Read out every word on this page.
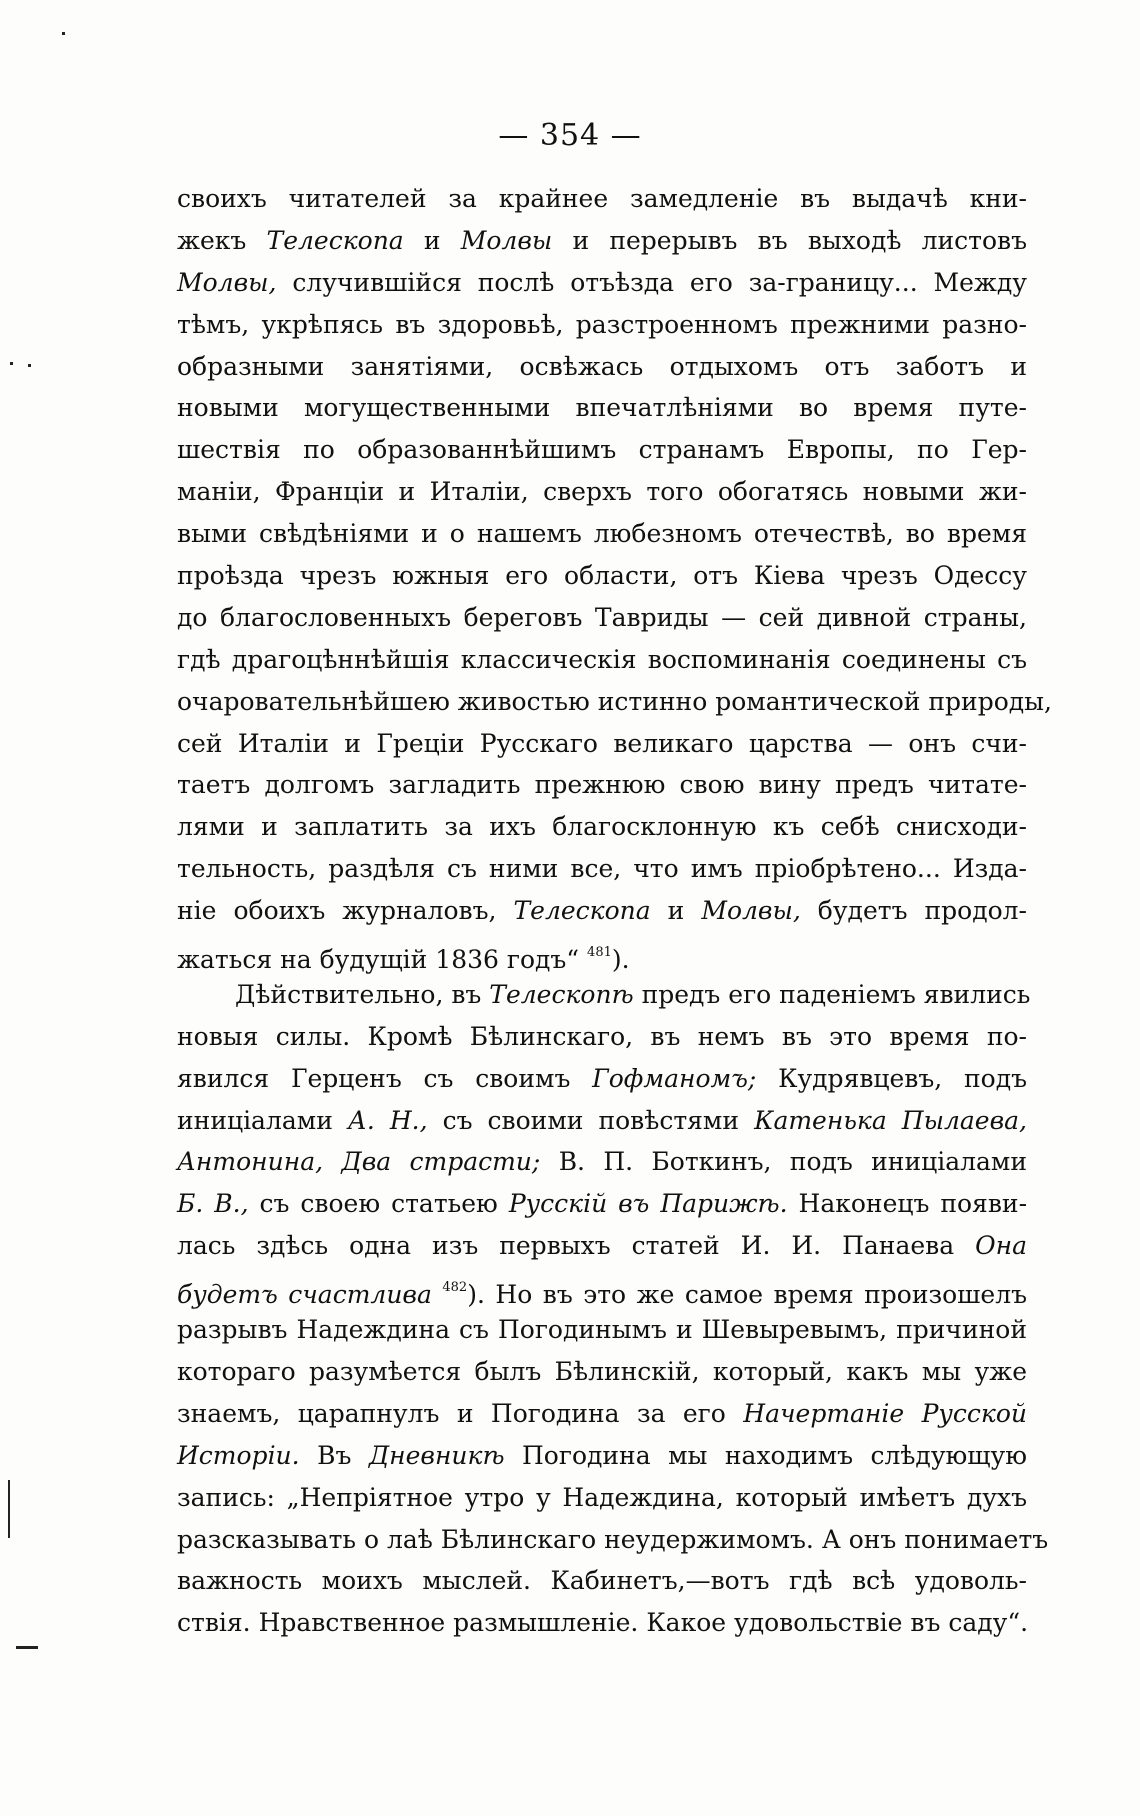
— 354 —
своихъ читателей за крайнее замедленіе въ выдачѣ кни-
жекъ Телескопа и Молвы и перерывъ въ выходѣ листовъ
Молвы, случившійся послѣ отъѣзда его за-границу... Между
тѣмъ, укрѣпясь въ здоровьѣ, разстроенномъ прежними разно-
образными занятіями, освѣжась отдыхомъ отъ заботъ и
новыми могущественными впечатлѣніями во время путе-
шествія по образованнѣйшимъ странамъ Европы, по Гер-
маніи, Франціи и Италіи, сверхъ того обогатясь новыми жи-
выми свѣдѣніями и о нашемъ любезномъ отечествѣ, во время
проѣзда чрезъ южныя его области, отъ Кіева чрезъ Одессу
до благословенныхъ береговъ Тавриды — сей дивной страны,
гдѣ драгоцѣннѣйшія классическія воспоминанія соединены съ
очаровательнѣйшею живостью истинно романтической природы,
сей Италіи и Греціи Русскаго великаго царства — онъ счи-
таетъ долгомъ загладить прежнюю свою вину предъ читате-
лями и заплатить за ихъ благосклонную къ себѣ снисходи-
тельность, раздѣля съ ними все, что имъ пріобрѣтено... Изда-
ніе обоихъ журналовъ, Телескопа и Молвы, будетъ продол-
жаться на будущій 1836 годъ“ $^{481}$).
Дѣйствительно, въ Телескопѣ предъ его паденіемъ явились
новыя силы. Кромѣ Бѣлинскаго, въ немъ въ это время по-
явился Герценъ съ своимъ Гофманомъ; Кудрявцевъ, подъ
иниціалами А. Н., съ своими повѣстями Катенька Пылаева,
Антонина, Два страсти; В. П. Боткинъ, подъ иниціалами
Б. В., съ своею статьею Русскій въ Парижѣ. Наконецъ появи-
лась здѣсь одна изъ первыхъ статей И. И. Панаева Она
будетъ счастлива $^{482}$). Но въ это же самое время произошелъ
разрывъ Надеждина съ Погодинымъ и Шевыревымъ, причиной
котораго разумѣется былъ Бѣлинскій, который, какъ мы уже
знаемъ, царапнулъ и Погодина за его Начертаніе Русской
Исторіи. Въ Дневникѣ Погодина мы находимъ слѣдующую
запись: „Непріятное утро у Надеждина, который имѣетъ духъ
разсказывать о лаѣ Бѣлинскаго неудержимомъ. А онъ понимаетъ
важность моихъ мыслей. Кабинетъ,—вотъ гдѣ всѣ удоволь-
ствія. Нравственное размышленіе. Какое удовольствіе въ саду“.
